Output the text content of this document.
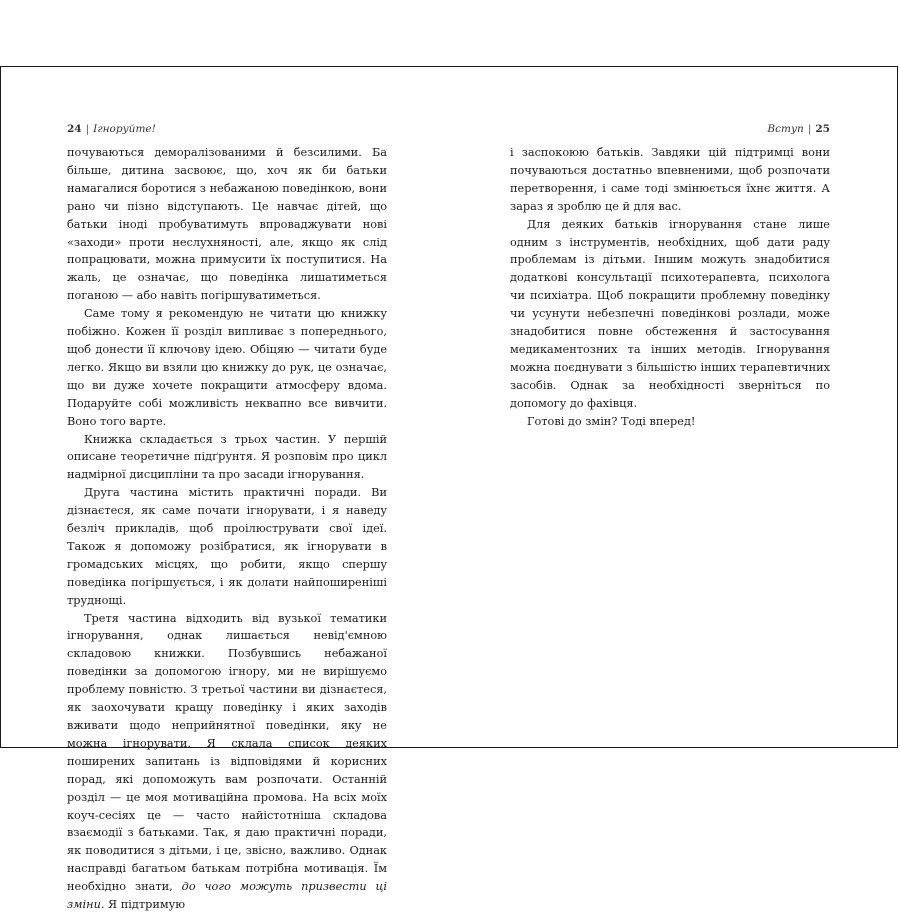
24 | Ігноруйте!

почуваються деморалізованими й безсилими. Ба більше, дитина засвоює, що, хоч як би батьки намагалися боротися з небажаною поведінкою, вони рано чи пізно відступають. Це навчає дітей, що батьки іноді пробуватимуть впроваджувати нові «заходи» проти неслухняності, але, якщо як слід попрацювати, можна примусити їх поступитися. На жаль, це означає, що поведінка лишатиметься поганою — або навіть погіршуватиметься.

Саме тому я рекомендую не читати цю книжку побіжно. Кожен її розділ випливає з попереднього, щоб донести її ключову ідею. Обіцяю — читати буде легко. Якщо ви взяли цю книжку до рук, це означає, що ви дуже хочете покращити атмосферу вдома. Подаруйте собі можливість неквапно все вивчити. Воно того варте.

Книжка складається з трьох частин. У першій описане теоретичне підґрунтя. Я розповім про цикл надмірної дисципліни та про засади ігнорування.

Друга частина містить практичні поради. Ви дізнаєтеся, як саме почати ігнорувати, і я наведу безліч прикладів, щоб проілюструвати свої ідеї. Також я допоможу розібратися, як ігнорувати в громадських місцях, що робити, якщо спершу поведінка погіршується, і як долати найпоширеніші труднощі.

Третя частина відходить від вузької тематики ігнорування, однак лишається невід'ємною складовою книжки. Позбувшись небажаної поведінки за допомогою ігнору, ми не вирішуємо проблему повністю. З третьої частини ви дізнаєтеся, як заохочувати кращу поведінку і яких заходів вживати щодо неприйнятної поведінки, яку не можна ігнорувати. Я склала список деяких поширених запитань із відповідями й корисних порад, які допоможуть вам розпочати. Останній розділ — це моя мотиваційна промова. На всіх моїх коуч-сесіях це — часто найістотніша складова взаємодії з батьками. Так, я даю практичні поради, як поводитися з дітьми, і це, звісно, важливо. Однак насправді багатьом батькам потрібна мотивація. Їм необхідно знати, до чого можуть призвести ці зміни. Я підтримую

Вступ | 25

і заспокоюю батьків. Завдяки цій підтримці вони почуваються достатньо впевненими, щоб розпочати перетворення, і саме тоді змінюється їхнє життя. А зараз я зроблю це й для вас.

Для деяких батьків ігнорування стане лише одним з інструментів, необхідних, щоб дати раду проблемам із дітьми. Іншим можуть знадобитися додаткові консультації психотерапевта, психолога чи психіатра. Щоб покращити проблемну поведінку чи усунути небезпечні поведінкові розлади, може знадобитися повне обстеження й застосування медикаментозних та інших методів. Ігнорування можна поєднувати з більшістю інших терапевтичних засобів. Однак за необхідності зверніться по допомогу до фахівця.

Готові до змін? Тоді вперед!
